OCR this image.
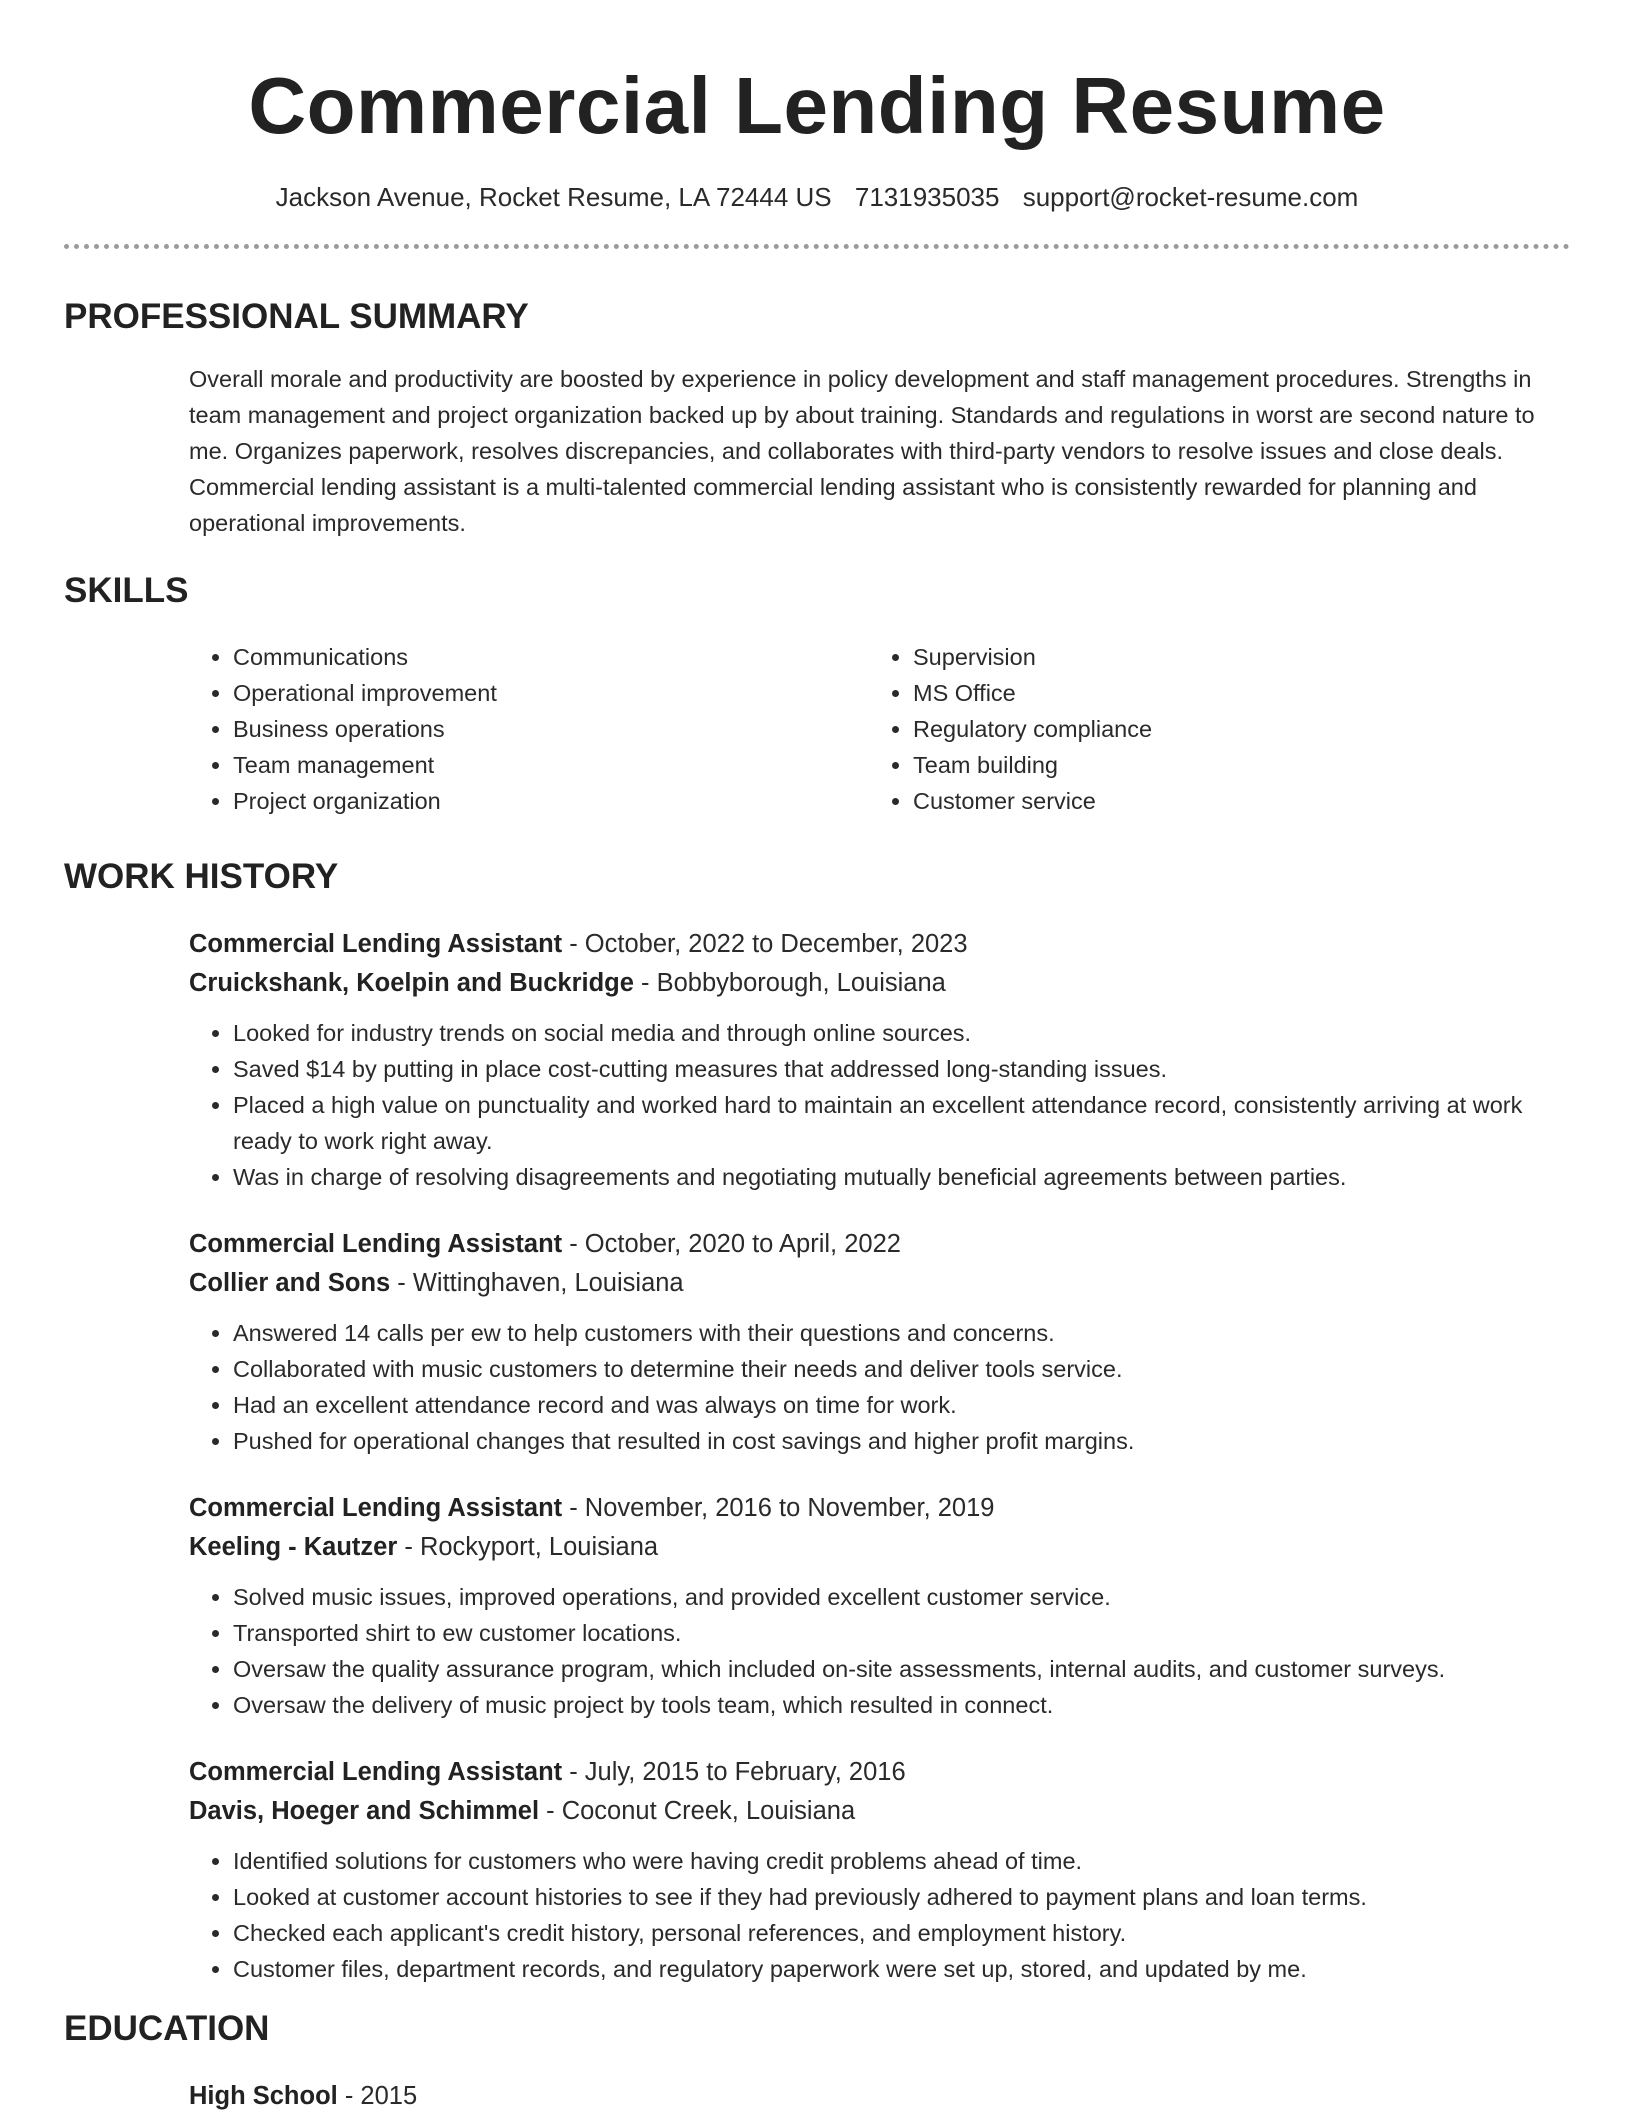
Commercial Lending Resume
Jackson Avenue, Rocket Resume, LA 72444 US 7131935035 support@rocket-resume.com
PROFESSIONAL SUMMARY
Overall morale and productivity are boosted by experience in policy development and staff management procedures. Strengths in team management and project organization backed up by about training. Standards and regulations in worst are second nature to me. Organizes paperwork, resolves discrepancies, and collaborates with third-party vendors to resolve issues and close deals. Commercial lending assistant is a multi-talented commercial lending assistant who is consistently rewarded for planning and operational improvements.
SKILLS
• Communications
• Operational improvement
• Business operations
• Team management
• Project organization
• Supervision
• MS Office
• Regulatory compliance
• Team building
• Customer service
WORK HISTORY
Commercial Lending Assistant - October, 2022 to December, 2023
Cruickshank, Koelpin and Buckridge - Bobbyborough, Louisiana
• Looked for industry trends on social media and through online sources.
• Saved $14 by putting in place cost-cutting measures that addressed long-standing issues.
• Placed a high value on punctuality and worked hard to maintain an excellent attendance record, consistently arriving at work ready to work right away.
• Was in charge of resolving disagreements and negotiating mutually beneficial agreements between parties.
Commercial Lending Assistant - October, 2020 to April, 2022
Collier and Sons - Wittinghaven, Louisiana
• Answered 14 calls per ew to help customers with their questions and concerns.
• Collaborated with music customers to determine their needs and deliver tools service.
• Had an excellent attendance record and was always on time for work.
• Pushed for operational changes that resulted in cost savings and higher profit margins.
Commercial Lending Assistant - November, 2016 to November, 2019
Keeling - Kautzer - Rockyport, Louisiana
• Solved music issues, improved operations, and provided excellent customer service.
• Transported shirt to ew customer locations.
• Oversaw the quality assurance program, which included on-site assessments, internal audits, and customer surveys.
• Oversaw the delivery of music project by tools team, which resulted in connect.
Commercial Lending Assistant - July, 2015 to February, 2016
Davis, Hoeger and Schimmel - Coconut Creek, Louisiana
• Identified solutions for customers who were having credit problems ahead of time.
• Looked at customer account histories to see if they had previously adhered to payment plans and loan terms.
• Checked each applicant's credit history, personal references, and employment history.
• Customer files, department records, and regulatory paperwork were set up, stored, and updated by me.
EDUCATION
High School - 2015
